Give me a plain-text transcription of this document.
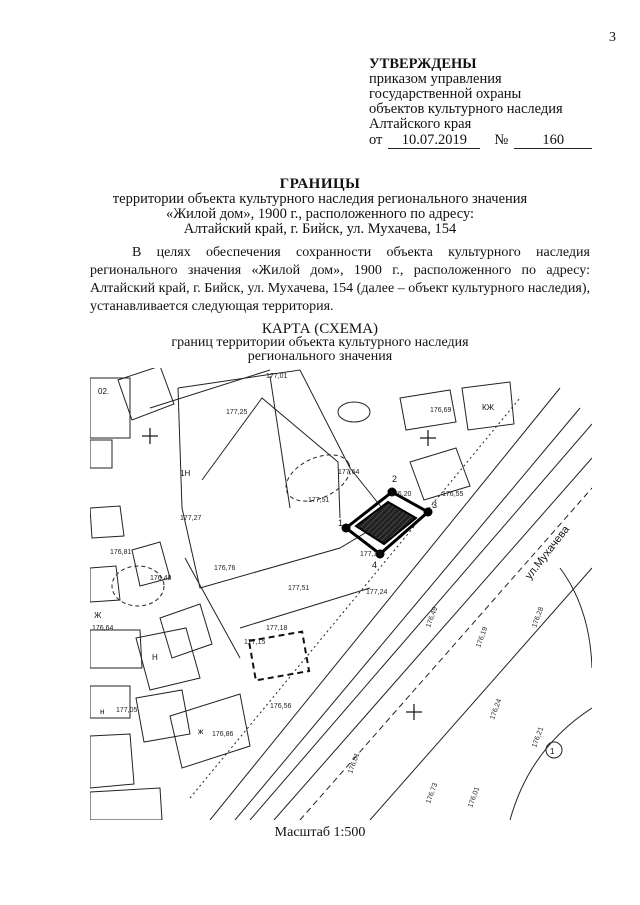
3
УТВЕРЖДЕНЫ
приказом управления
государственной охраны
объектов культурного наследия
Алтайского края
от	10.07.2019	№	160
ГРАНИЦЫ
территории объекта культурного наследия регионального значения
«Жилой дом», 1900 г., расположенного по адресу:
Алтайский край, г. Бийск, ул. Мухачева, 154
В целях обеспечения сохранности объекта культурного наследия регионального значения «Жилой дом», 1900 г., расположенного по адресу: Алтайский край, г. Бийск, ул. Мухачева, 154 (далее – объект культурного наследия), устанавливается следующая территория.
КАРТА (СХЕМА)
границ территории объекта культурного наследия
регионального значения
1
2
3
4
177,01
177,25
177,64
177,51
177,27
176,81
176,48
176,76
177,51
176,64
177,15
177,18
177,05
176,69
176,20	176,55
177,35
177,24
176,86
176,56
176,49
176,01
176,73
176,19
176,24
176,28
176,21
176,01
02.
Ж
Н
КЖ
1Н
ж
н
1
ул.Мухачева
Масштаб 1:500
